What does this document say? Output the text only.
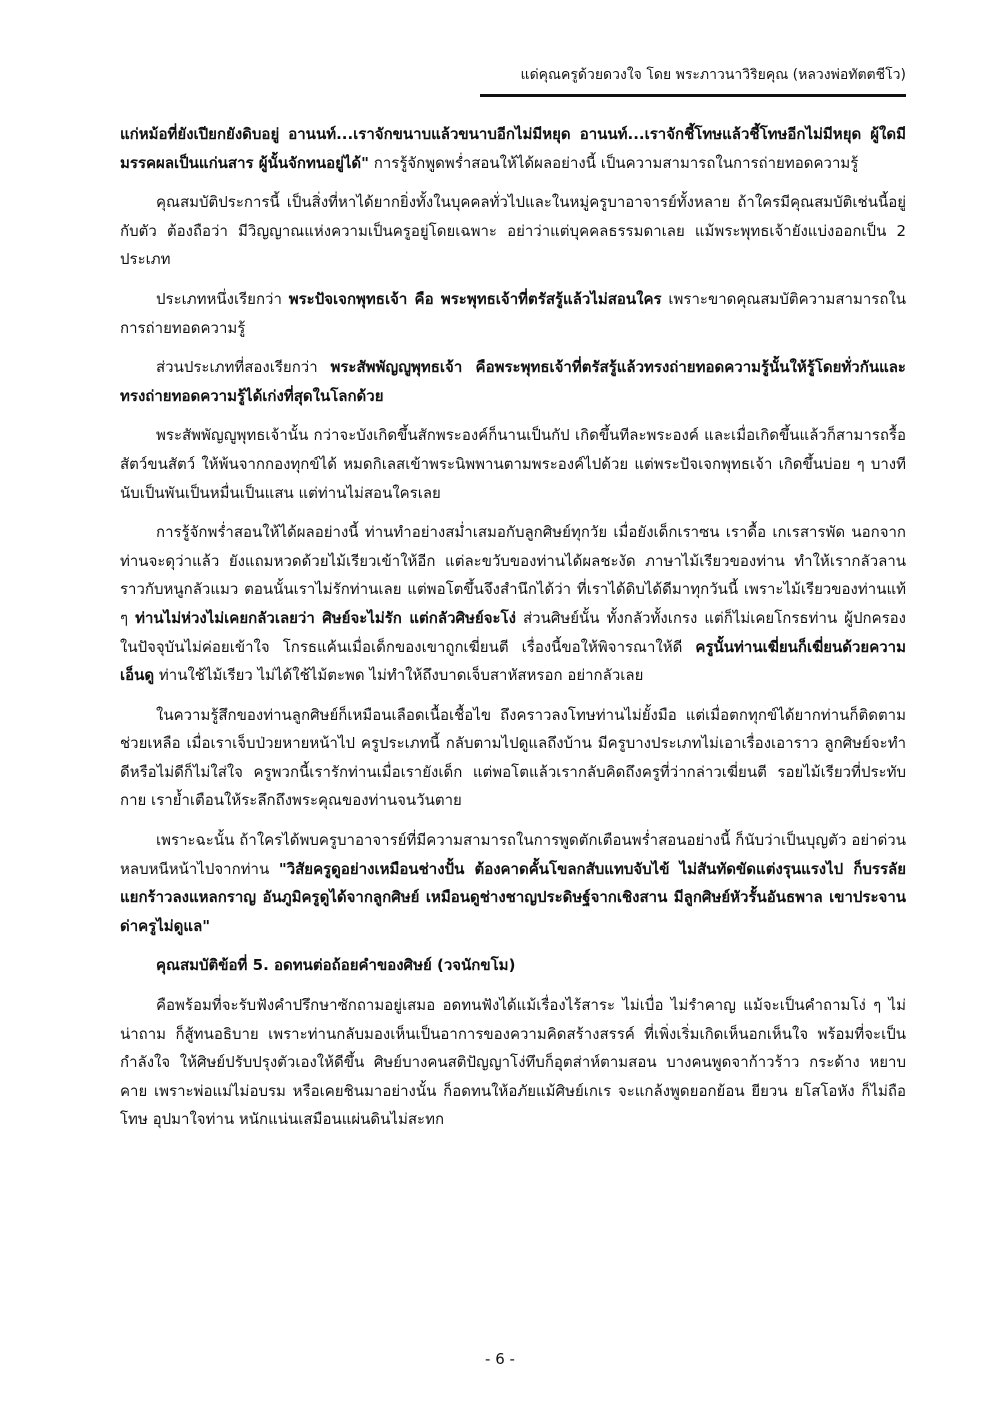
แด่คุณครูด้วยดวงใจ โดย พระภาวนาวิริยคุณ (หลวงพ่อทัตตชีโว)

แก่หม้อที่ยังเปียกยังดิบอยู่ อานนท์...เราจักขนาบแล้วขนาบอีกไม่มีหยุด อานนท์...เราจักชี้โทษแล้วชี้โทษอีกไม่มีหยุด ผู้ใดมีมรรคผลเป็นแก่นสาร ผู้นั้นจักทนอยู่ได้" การรู้จักพูดพร่ำสอนให้ได้ผลอย่างนี้ เป็นความสามารถในการถ่ายทอดความรู้

คุณสมบัติประการนี้ เป็นสิ่งที่หาได้ยากยิ่งทั้งในบุคคลทั่วไปและในหมู่ครูบาอาจารย์ทั้งหลาย ถ้าใครมีคุณสมบัติเช่นนี้อยู่กับตัว ต้องถือว่า มีวิญญาณแห่งความเป็นครูอยู่โดยเฉพาะ อย่าว่าแต่บุคคลธรรมดาเลย แม้พระพุทธเจ้ายังแบ่งออกเป็น 2 ประเภท

ประเภทหนึ่งเรียกว่า พระปัจเจกพุทธเจ้า คือ พระพุทธเจ้าที่ตรัสรู้แล้วไม่สอนใคร เพราะขาดคุณสมบัติความสามารถในการถ่ายทอดความรู้

ส่วนประเภทที่สองเรียกว่า พระสัพพัญญูพุทธเจ้า คือพระพุทธเจ้าที่ตรัสรู้แล้วทรงถ่ายทอดความรู้นั้นให้รู้โดยทั่วกันและทรงถ่ายทอดความรู้ได้เก่งที่สุดในโลกด้วย

พระสัพพัญญูพุทธเจ้านั้น กว่าจะบังเกิดขึ้นสักพระองค์ก็นานเป็นกัป เกิดขึ้นทีละพระองค์ และเมื่อเกิดขึ้นแล้วก็สามารถรื้อสัตว์ขนสัตว์ ให้พ้นจากกองทุกข์ได้ หมดกิเลสเข้าพระนิพพานตามพระองค์ไปด้วย แต่พระปัจเจกพุทธเจ้า เกิดขึ้นบ่อย ๆ บางทีนับเป็นพันเป็นหมื่นเป็นแสน แต่ท่านไม่สอนใครเลย

การรู้จักพร่ำสอนให้ได้ผลอย่างนี้ ท่านทำอย่างสม่ำเสมอกับลูกศิษย์ทุกวัย เมื่อยังเด็กเราซน เราดื้อ เกเรสารพัด นอกจากท่านจะดุว่าแล้ว ยังแถมหวดด้วยไม้เรียวเข้าให้อีก แต่ละขวับของท่านได้ผลชะงัด ภาษาไม้เรียวของท่าน ทำให้เรากลัวลาน ราวกับหนูกลัวแมว ตอนนั้นเราไม่รักท่านเลย แต่พอโตขึ้นจึงสำนึกได้ว่า ที่เราได้ดิบได้ดีมาทุกวันนี้ เพราะไม้เรียวของท่านแท้ ๆ ท่านไม่ห่วงไม่เคยกลัวเลยว่า ศิษย์จะไม่รัก แต่กลัวศิษย์จะโง่ ส่วนศิษย์นั้น ทั้งกลัวทั้งเกรง แต่ก็ไม่เคยโกรธท่าน ผู้ปกครองในปัจจุบันไม่ค่อยเข้าใจ โกรธแค้นเมื่อเด็กของเขาถูกเฆี่ยนตี เรื่องนี้ขอให้พิจารณาให้ดี ครูนั้นท่านเฆี่ยนก็เฆี่ยนด้วยความเอ็นดู ท่านใช้ไม้เรียว ไม่ได้ใช้ไม้ตะพด ไม่ทำให้ถึงบาดเจ็บสาหัสหรอก อย่ากลัวเลย

ในความรู้สึกของท่านลูกศิษย์ก็เหมือนเลือดเนื้อเชื้อไข ถึงคราวลงโทษท่านไม่ยั้งมือ แต่เมื่อตกทุกข์ได้ยากท่านก็ติดตามช่วยเหลือ เมื่อเราเจ็บป่วยหายหน้าไป ครูประเภทนี้ กลับตามไปดูแลถึงบ้าน มีครูบางประเภทไม่เอาเรื่องเอาราว ลูกศิษย์จะทำดีหรือไม่ดีก็ไม่ใส่ใจ ครูพวกนี้เรารักท่านเมื่อเรายังเด็ก แต่พอโตแล้วเรากลับคิดถึงครูที่ว่ากล่าวเฆี่ยนตี รอยไม้เรียวที่ประทับกาย เราย้ำเตือนให้ระลึกถึงพระคุณของท่านจนวันตาย

เพราะฉะนั้น ถ้าใครได้พบครูบาอาจารย์ที่มีความสามารถในการพูดตักเตือนพร่ำสอนอย่างนี้ ก็นับว่าเป็นบุญตัว อย่าด่วนหลบหนีหน้าไปจากท่าน "วิสัยครูดูอย่างเหมือนช่างปั้น ต้องคาดคั้นโขลกสับแทบจับไข้ ไม่สันทัดขัดแต่งรุนแรงไป ก็บรรลัยแยกร้าวลงแหลกราญ อันภูมิครูดูได้จากลูกศิษย์ เหมือนดูช่างชาญประดิษฐ์จากเชิงสาน มีลูกศิษย์หัวรั้นอันธพาล เขาประจานด่าครูไม่ดูแล"

คุณสมบัติข้อที่ 5. อดทนต่อถ้อยคำของศิษย์ (วจนักขโม)

คือพร้อมที่จะรับฟังคำปรึกษาซักถามอยู่เสมอ อดทนฟังได้แม้เรื่องไร้สาระ ไม่เบื่อ ไม่รำคาญ แม้จะเป็นคำถามโง่ ๆ ไม่น่าถาม ก็สู้ทนอธิบาย เพราะท่านกลับมองเห็นเป็นอาการของความคิดสร้างสรรค์ ที่เพิ่งเริ่มเกิดเห็นอกเห็นใจ พร้อมที่จะเป็นกำลังใจ ให้ศิษย์ปรับปรุงตัวเองให้ดีขึ้น ศิษย์บางคนสติปัญญาโง่ทึบก็อุตส่าห์ตามสอน บางคนพูดจาก้าวร้าว กระด้าง หยาบคาย เพราะพ่อแม่ไม่อบรม หรือเคยชินมาอย่างนั้น ก็อดทนให้อภัยแม้ศิษย์เกเร จะแกล้งพูดยอกย้อน ยียวน ยโสโอหัง ก็ไม่ถือโทษ อุปมาใจท่าน หนักแน่นเสมือนแผ่นดินไม่สะทก

- 6 -
